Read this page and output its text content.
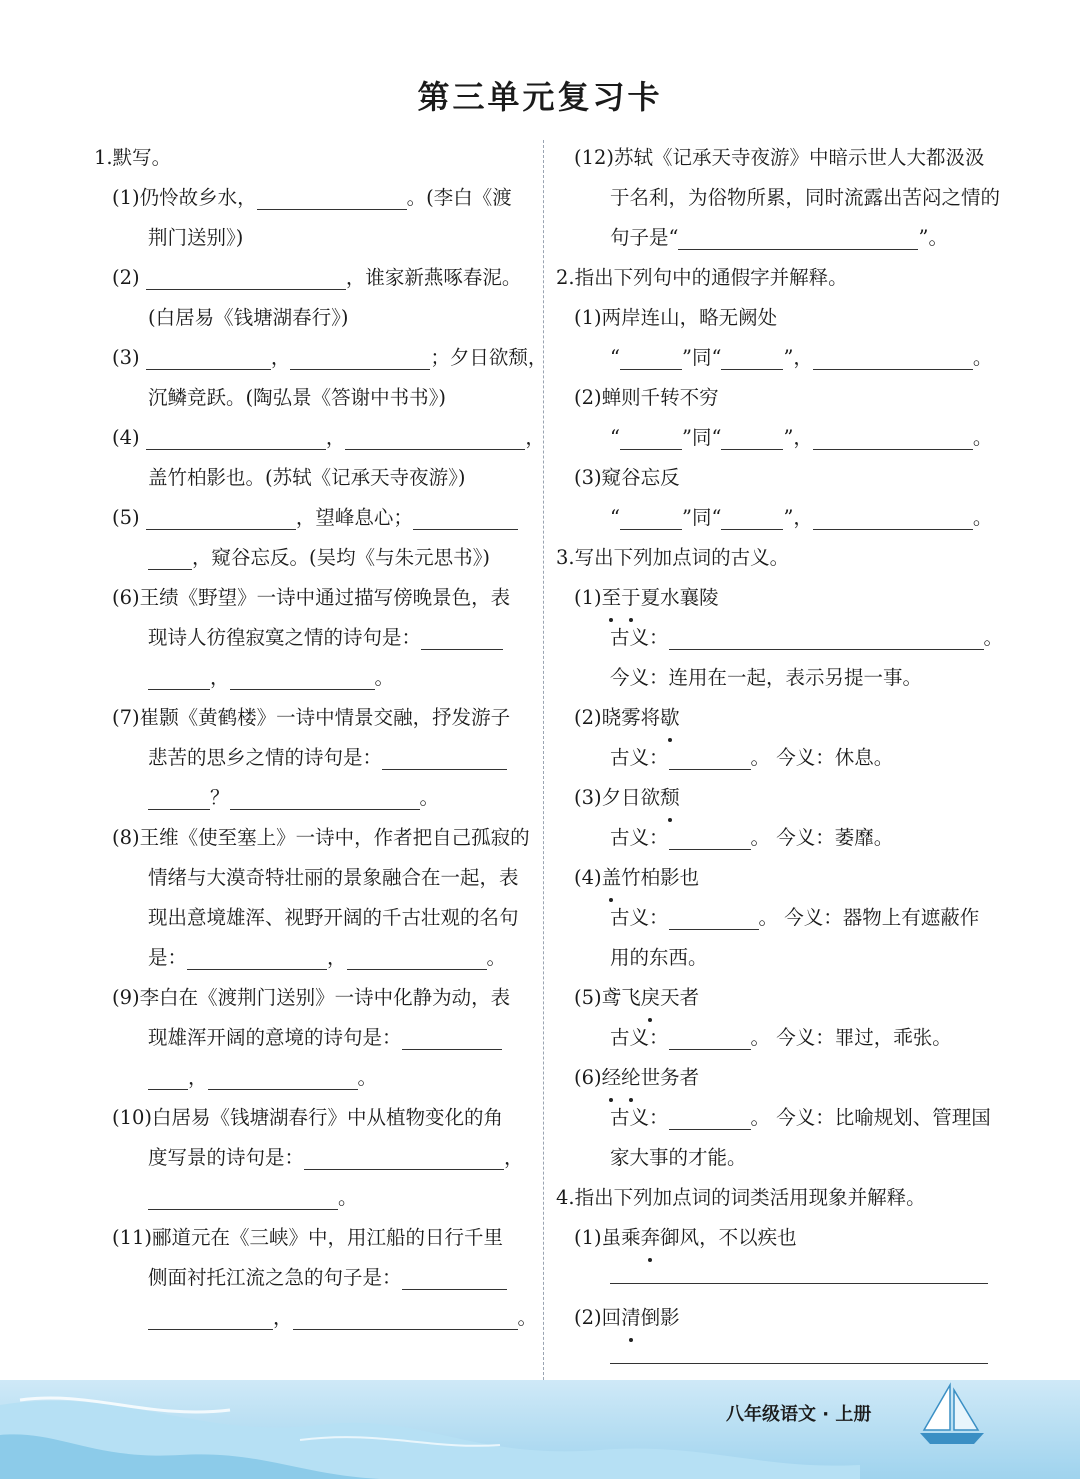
第三单元复习卡
1.默写。
(1)仍怜故乡水，	。(李白《渡
荆门送别》)
(2)	，谁家新燕啄春泥。
(白居易《钱塘湖春行》)
(3)	，	；夕日欲颓，
沉鳞竞跃。(陶弘景《答谢中书书》)
(4)	，	，
盖竹柏影也。(苏轼《记承天寺夜游》)
(5)	，望峰息心；
，窥谷忘反。(吴均《与朱元思书》)
(6)王绩《野望》一诗中通过描写傍晚景色，表
现诗人彷徨寂寞之情的诗句是：
，	。
(7)崔颢《黄鹤楼》一诗中情景交融，抒发游子
悲苦的思乡之情的诗句是：
？	。
(8)王维《使至塞上》一诗中，作者把自己孤寂的
情绪与大漠奇特壮丽的景象融合在一起，表
现出意境雄浑、视野开阔的千古壮观的名句
是：	，	。
(9)李白在《渡荆门送别》一诗中化静为动，表
现雄浑开阔的意境的诗句是：
，	。
(10)白居易《钱塘湖春行》中从植物变化的角
度写景的诗句是：	，
。
(11)郦道元在《三峡》中，用江船的日行千里
侧面衬托江流之急的句子是：
，	。
(12)苏轼《记承天寺夜游》中暗示世人大都汲汲
于名利，为俗物所累，同时流露出苦闷之情的
句子是“	”。
2.指出下列句中的通假字并解释。
(1)两岸连山，略无阙处
“	”同“	”，	。
(2)蝉则千转不穷
“	”同“	”，	。
(3)窥谷忘反
“	”同“	”，	。
3.写出下列加点词的古义。
(1)至于夏水襄陵
古义：	。
今义：连用在一起，表示另提一事。
(2)晓雾将歇
古义：	。 今义：休息。
(3)夕日欲颓
古义：	。 今义：萎靡。
(4)盖竹柏影也
古义：	。 今义：器物上有遮蔽作
用的东西。
(5)鸢飞戾天者
古义：	。 今义：罪过，乖张。
(6)经纶世务者
古义：	。 今义：比喻规划、管理国
家大事的才能。
4.指出下列加点词的词类活用现象并解释。
(1)虽乘奔御风，不以疾也
(2)回清倒影
八年级语文 · 上册
